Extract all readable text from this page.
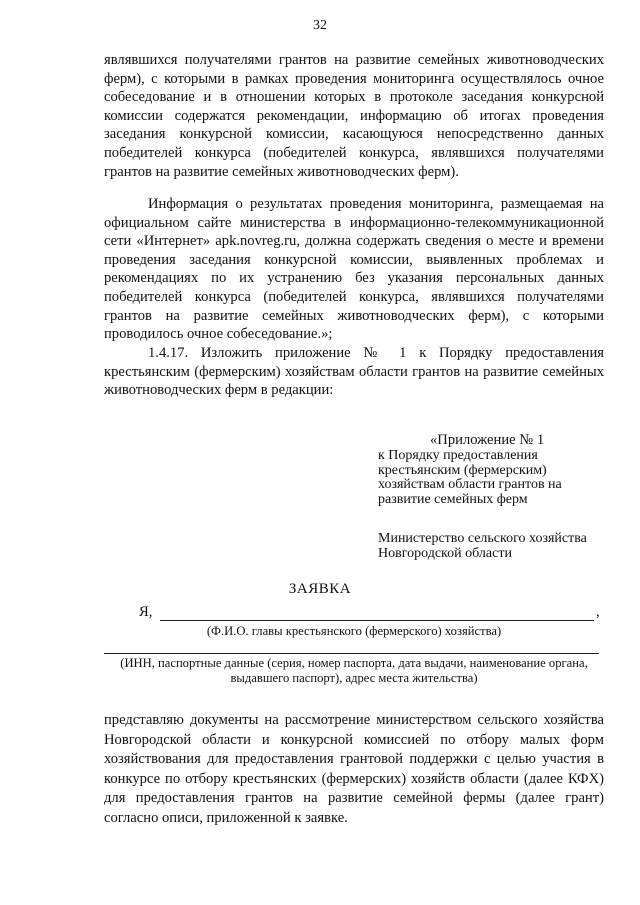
32
являвшихся получателями грантов на развитие семейных животноводческих ферм), с которыми в рамках проведения мониторинга осуществлялось очное собеседование и в отношении которых в протоколе заседания конкурсной комиссии содержатся рекомендации, информацию об итогах проведения заседания конкурсной комиссии, касающуюся непосредственно данных победителей конкурса (победителей конкурса, являвшихся получателями грантов на развитие семейных животноводческих ферм).
Информация о результатах проведения мониторинга, размещаемая на официальном сайте министерства в информационно-телекоммуникационной сети «Интернет» apk.novreg.ru, должна содержать сведения о месте и времени проведения заседания конкурсной комиссии, выявленных проблемах и рекомендациях по их устранению без указания персональных данных победителей конкурса (победителей конкурса, являвшихся получателями грантов на развитие семейных животноводческих ферм), с которыми проводилось очное собеседование.»;
1.4.17. Изложить приложение № 1 к Порядку предоставления крестьянским (фермерским) хозяйствам области грантов на развитие семейных животноводческих ферм в редакции:
«Приложение № 1
к Порядку предоставления крестьянским (фермерским) хозяйствам области грантов на развитие семейных ферм
Министерство сельского хозяйства Новгородской области
ЗАЯВКА
Я,	,
(Ф.И.О. главы крестьянского (фермерского) хозяйства)
(ИНН, паспортные данные (серия, номер паспорта, дата выдачи, наименование органа, выдавшего паспорт), адрес места жительства)
представляю документы на рассмотрение министерством сельского хозяйства Новгородской области и конкурсной комиссией по отбору малых форм хозяйствования для предоставления грантовой поддержки с целью участия в конкурсе по отбору крестьянских (фермерских) хозяйств области (далее КФХ) для предоставления грантов на развитие семейной фермы (далее грант) согласно описи, приложенной к заявке.
